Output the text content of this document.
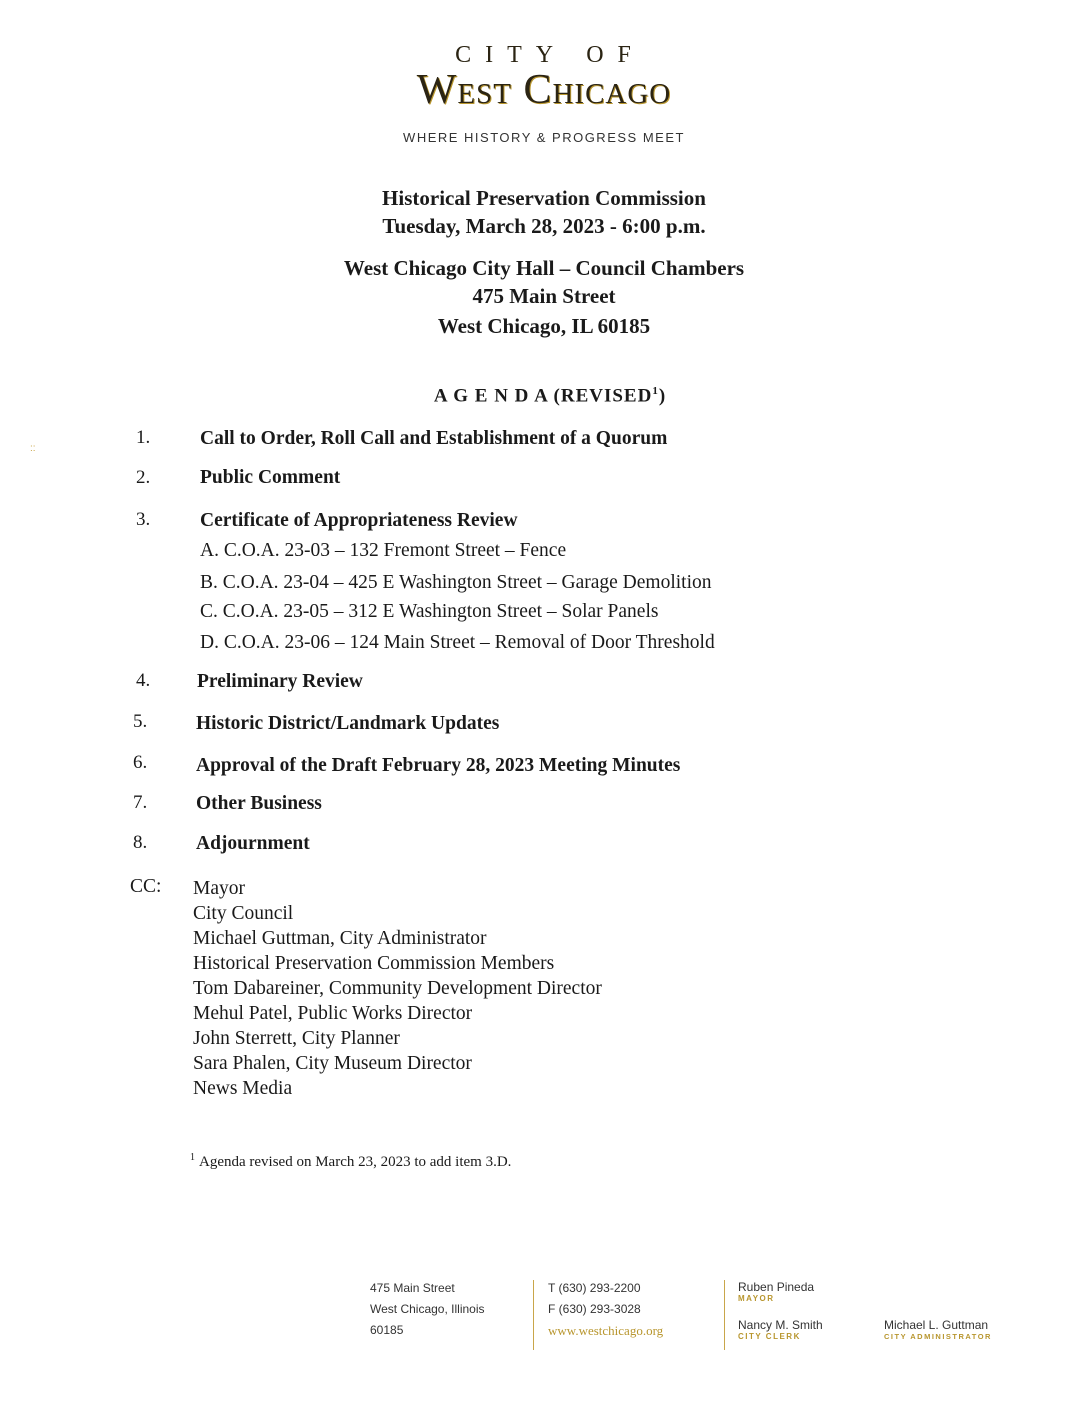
CITY OF
West Chicago
WHERE HISTORY & PROGRESS MEET
Historical Preservation Commission
Tuesday, March 28, 2023 - 6:00 p.m.
West Chicago City Hall – Council Chambers
475 Main Street
West Chicago, IL 60185
A G E N D A (REVISED$^1$)
::
1.	Call to Order, Roll Call and Establishment of a Quorum
2.	Public Comment
3.	Certificate of Appropriateness Review
A. C.O.A. 23-03 – 132 Fremont Street – Fence
B. C.O.A. 23-04 – 425 E Washington Street – Garage Demolition
C. C.O.A. 23-05 – 312 E Washington Street – Solar Panels
D. C.O.A. 23-06 – 124 Main Street – Removal of Door Threshold
4.	Preliminary Review
5.	Historic District/Landmark Updates
6.	Approval of the Draft February 28, 2023 Meeting Minutes
7.	Other Business
8.	Adjournment
CC: Mayor
City Council
Michael Guttman, City Administrator
Historical Preservation Commission Members
Tom Dabareiner, Community Development Director
Mehul Patel, Public Works Director
John Sterrett, City Planner
Sara Phalen, City Museum Director
News Media
$^1$ Agenda revised on March 23, 2023 to add item 3.D.
475 Main Street
West Chicago, Illinois
60185
T (630) 293-2200
F (630) 293-3028
www.westchicago.org
Ruben Pineda
MAYOR
Nancy M. Smith
CITY CLERK
Michael L. Guttman
CITY ADMINISTRATOR
